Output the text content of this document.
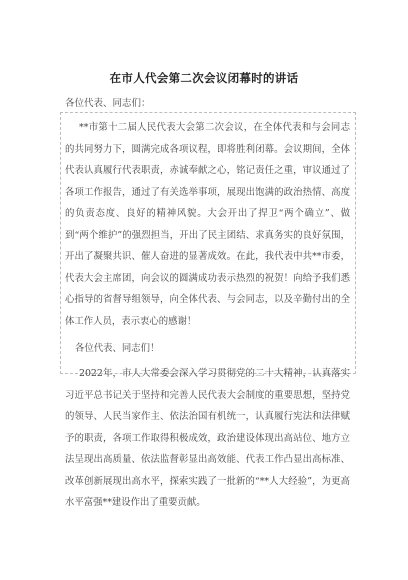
在市人代会第二次会议闭幕时的讲话
各位代表、同志们：

**市第十二届人民代表大会第二次会议，在全体代表和与会同志的共同努力下，圆满完成各项议程，即将胜利闭幕。会议期间，全体代表认真履行代表职责，赤诚奉献之心，铭记责任之重，审议通过了各项工作报告，通过了有关选举事项，展现出饱满的政治热情、高度的负责态度、良好的精神风貌。大会开出了捍卫“两个确立”、做到“两个维护”的强烈担当，开出了民主团结、求真务实的良好氛围，开出了凝聚共识、催人奋进的显著成效。在此，我代表中共**市委，代表大会主席团，向会议的圆满成功表示热烈的祝贺！向给予我们悉心指导的省督导组领导，向全体代表、与会同志，以及辛勤付出的全体工作人员，表示衷心的感谢！

各位代表、同志们！

2022年，市人大常委会深入学习贯彻党的二十大精神，认真落实习近平总书记关于坚持和完善人民代表大会制度的重要思想，坚持党的领导、人民当家作主、依法治国有机统一，认真履行宪法和法律赋予的职责，各项工作取得积极成效，政治建设体现出高站位、地方立法呈现出高质量、依法监督彰显出高效能、代表工作凸显出高标准、改革创新展现出高水平，探索实践了一批新的“**人大经验”，为更高水平富强**建设作出了重要贡献。
